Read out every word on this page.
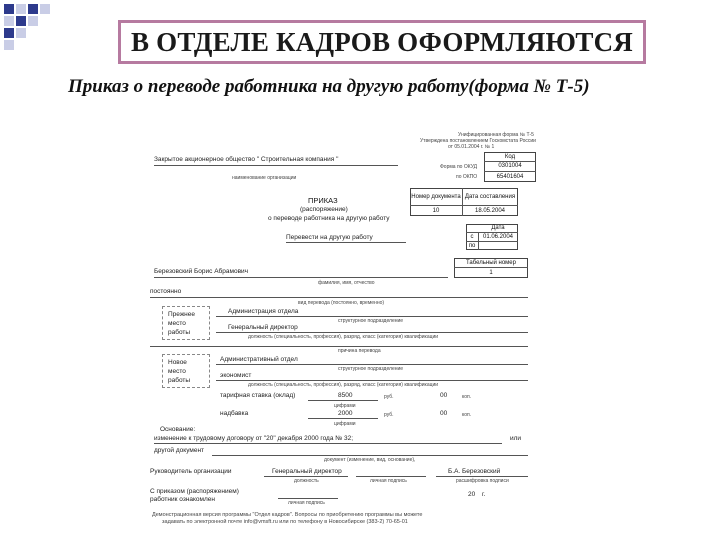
В ОТДЕЛЕ КАДРОВ ОФОРМЛЯЮТСЯ
Приказ о переводе работника на другую работу(форма № Т-5)
Унифицированная форма № Т-5
Утверждена постановлением Госкомстата России
от 05.01.2004 г. № 1
Код
Форма по ОКУД	0301004
по ОКПО	65401604
Закрытое акционерное общество " Строительная компания "
наименование организации
Номер документа Дата составления
10	18.05.2004
ПРИКАЗ
(распоряжение)
о переводе работника на другую работу
Дата
с	01.06.2004
по
Перевести на другую работу
Табельный номер
1
Березовский Борис Абрамович
фамилия, имя, отчество
постоянно
вид перевода (постоянно, временно)
Прежнее место работы
Администрация отдела
структурное подразделение
Генеральный директор
должность (специальность, профессия), разряд, класс (категория) квалификации
причина перевода
Новое место работы
Административный отдел
структурное подразделение
экономист
должность (специальность, профессия), разряд, класс (категория) квалификации
тарифная ставка (оклад)	8500	руб.	00	коп.
цифрами
надбавка	2000	руб.	00	коп.
цифрами
Основание:
изменение к трудовому договору от "20" декабря 2000 года № 32;	или
другой документ
документ (изменение, вид, основание),
Руководитель организации	Генеральный директор	Б.А. Березовский
должность	личная подпись	расшифровка подписи
С приказом (распоряжением) работник ознакомлен	личная подпись
20 г.
Демонстрационная версия программы "Отдел кадров". Вопросы по приобретению программы вы можете
задавать по электронной почте info@vmsft.ru или по телефону в Новосибирске (383-2) 70-65-01
